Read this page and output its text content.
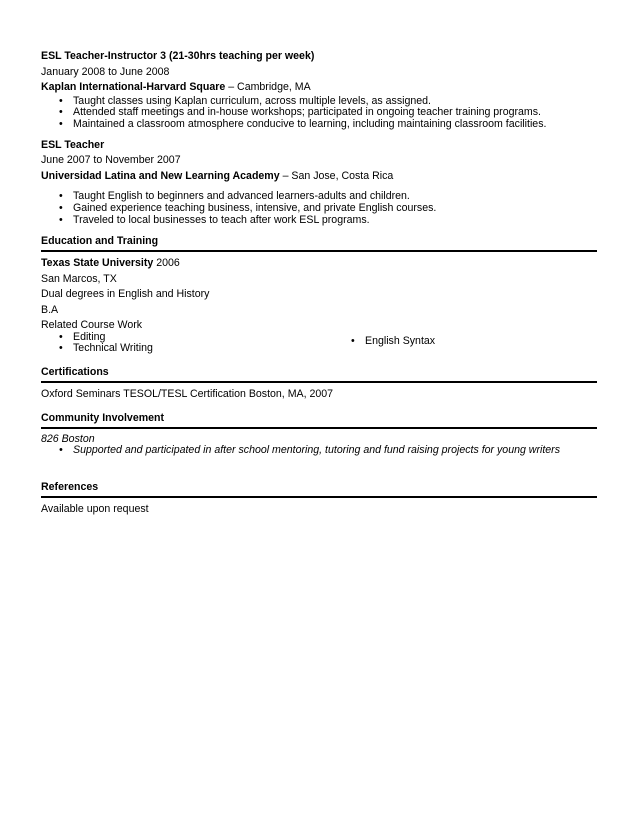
ESL Teacher-Instructor 3 (21-30hrs teaching per week)
January 2008 to June 2008
Kaplan International-Harvard Square – Cambridge, MA
• Taught classes using Kaplan curriculum, across multiple levels, as assigned.
• Attended staff meetings and in-house workshops; participated in ongoing teacher training programs.
• Maintained a classroom atmosphere conducive to learning, including maintaining classroom facilities.
ESL Teacher
June 2007 to November 2007
Universidad Latina and New Learning Academy – San Jose, Costa Rica
• Taught English to beginners and advanced learners-adults and children.
• Gained experience teaching business, intensive, and private English courses.
• Traveled to local businesses to teach after work ESL programs.
Education and Training
Texas State University 2006
San Marcos, TX
Dual degrees in English and History
B.A
Related Course Work
• Editing
• Technical Writing
• English Syntax
Certifications
Oxford Seminars TESOL/TESL Certification Boston, MA, 2007
Community Involvement
826 Boston
• Supported and participated in after school mentoring, tutoring and fund raising projects for young writers
References
Available upon request
